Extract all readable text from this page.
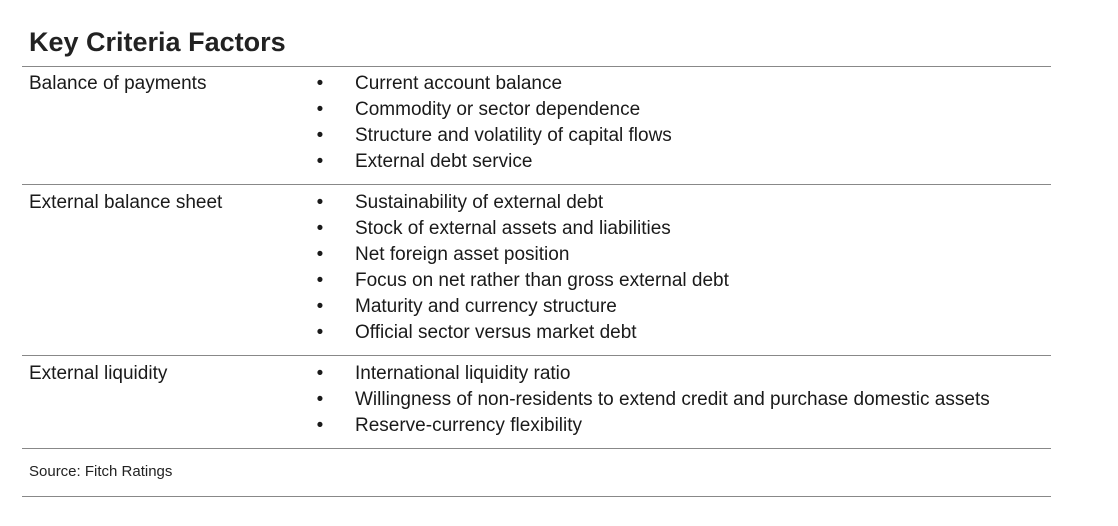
Key Criteria Factors
Balance of payments	• Current account balance
• Commodity or sector dependence
• Structure and volatility of capital flows
• External debt service
External balance sheet	• Sustainability of external debt
• Stock of external assets and liabilities
• Net foreign asset position
• Focus on net rather than gross external debt
• Maturity and currency structure
• Official sector versus market debt
External liquidity	• International liquidity ratio
• Willingness of non-residents to extend credit and purchase domestic assets
• Reserve-currency flexibility
Source: Fitch Ratings
